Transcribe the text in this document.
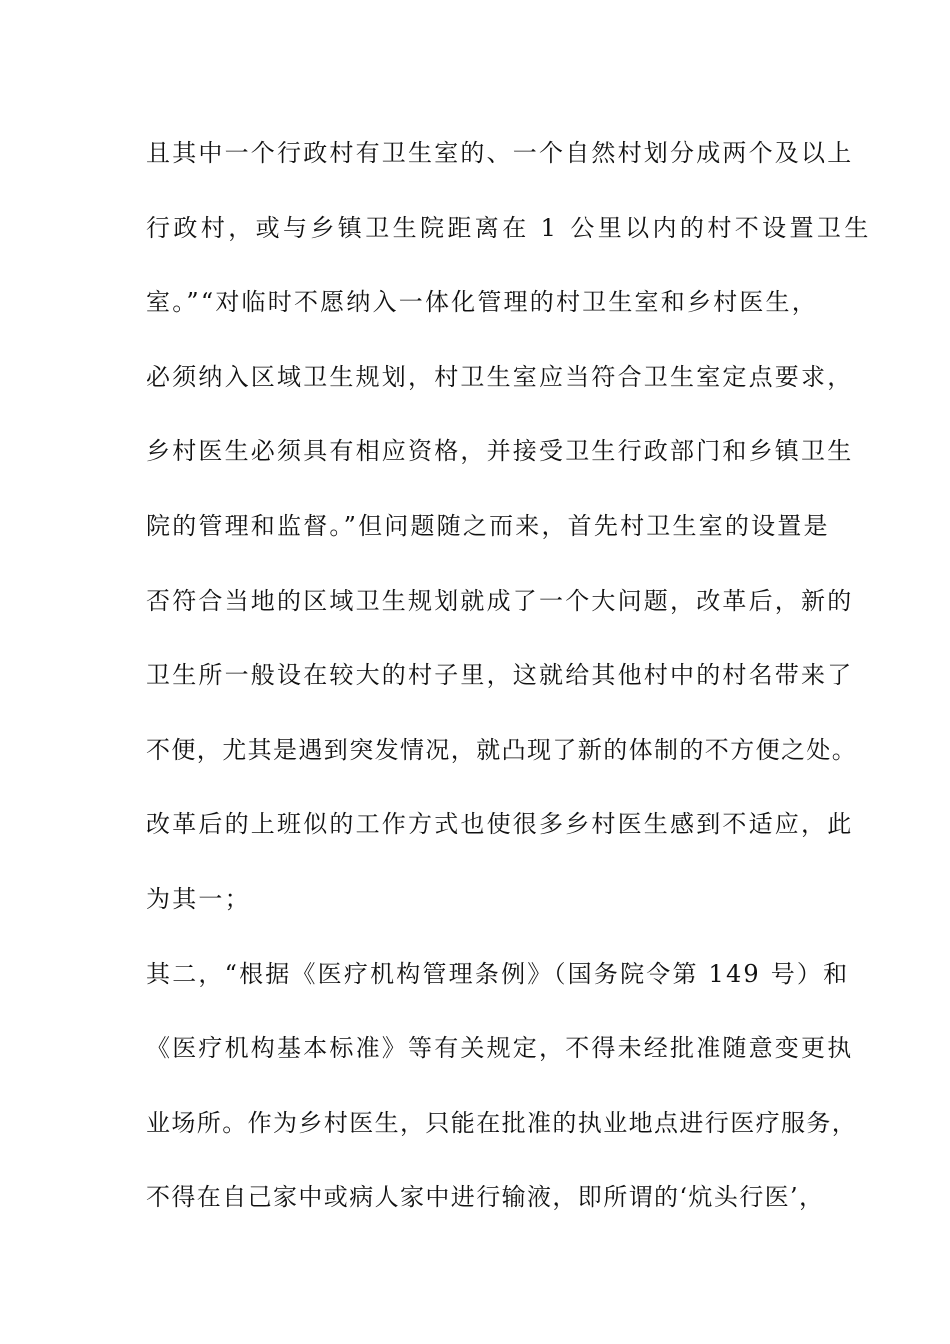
且其中一个行政村有卫生室的、一个自然村划分成两个及以上
行政村，或与乡镇卫生院距离在 1 公里以内的村不设置卫生
室。”“对临时不愿纳入一体化管理的村卫生室和乡村医生，
必须纳入区域卫生规划，村卫生室应当符合卫生室定点要求，
乡村医生必须具有相应资格，并接受卫生行政部门和乡镇卫生
院的管理和监督。”但问题随之而来，首先村卫生室的设置是
否符合当地的区域卫生规划就成了一个大问题，改革后，新的
卫生所一般设在较大的村子里，这就给其他村中的村名带来了
不便，尤其是遇到突发情况，就凸现了新的体制的不方便之处。
改革后的上班似的工作方式也使很多乡村医生感到不适应，此
为其一；
其二，“根据《医疗机构管理条例》（国务院令第 149 号）和
《医疗机构基本标准》等有关规定，不得未经批准随意变更执
业场所。作为乡村医生，只能在批准的执业地点进行医疗服务，
不得在自己家中或病人家中进行输液，即所谓的‘炕头行医’，
